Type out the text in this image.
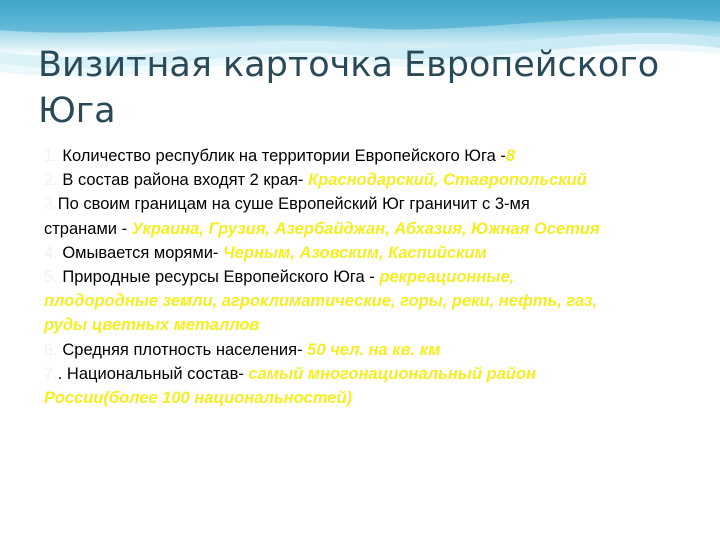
Визитная карточка Европейского Юга

1. Количество республик на территории Европейского Юга -8

2. В состав района входят 2 края- Краснодарский, Ставропольский

3.По своим границам на суше Европейский Юг граничит с 3-мя странами - Украина, Грузия, Азербайджан, Абхазия, Южная Осетия

4. Омывается морями- Черным, Азовским, Каспийским

5. Природные ресурсы Европейского Юга - рекреационные, плодородные земли, агроклиматические, горы, реки, нефть, газ, руды цветных металлов

6. Средняя плотность населения- 50 чел. на кв. км

7.. Национальный состав- самый многонациональный район России(более 100 национальностей)
